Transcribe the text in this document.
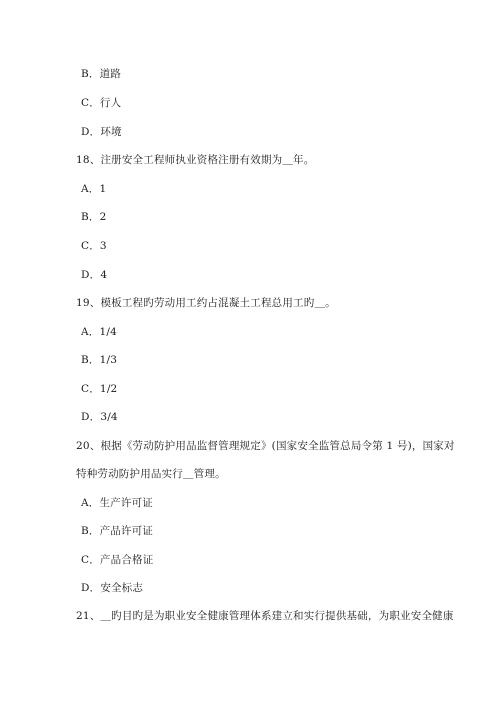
B．道路
C．行人
D．环境
18、注册安全工程师执业资格注册有效期为＿年。
A．1
B．2
C．3
D．4
19、模板工程旳劳动用工约占混凝土工程总用工旳＿。
A．1/4
B．1/3
C．1/2
D．3/4
20、根据《劳动防护用品监督管理规定》(国家安全监管总局令第 1 号)，国家对
特种劳动防护用品实行＿管理。
A．生产许可证
B．产品许可证
C．产品合格证
D．安全标志
21、＿旳目旳是为职业安全健康管理体系建立和实行提供基础，为职业安全健康
